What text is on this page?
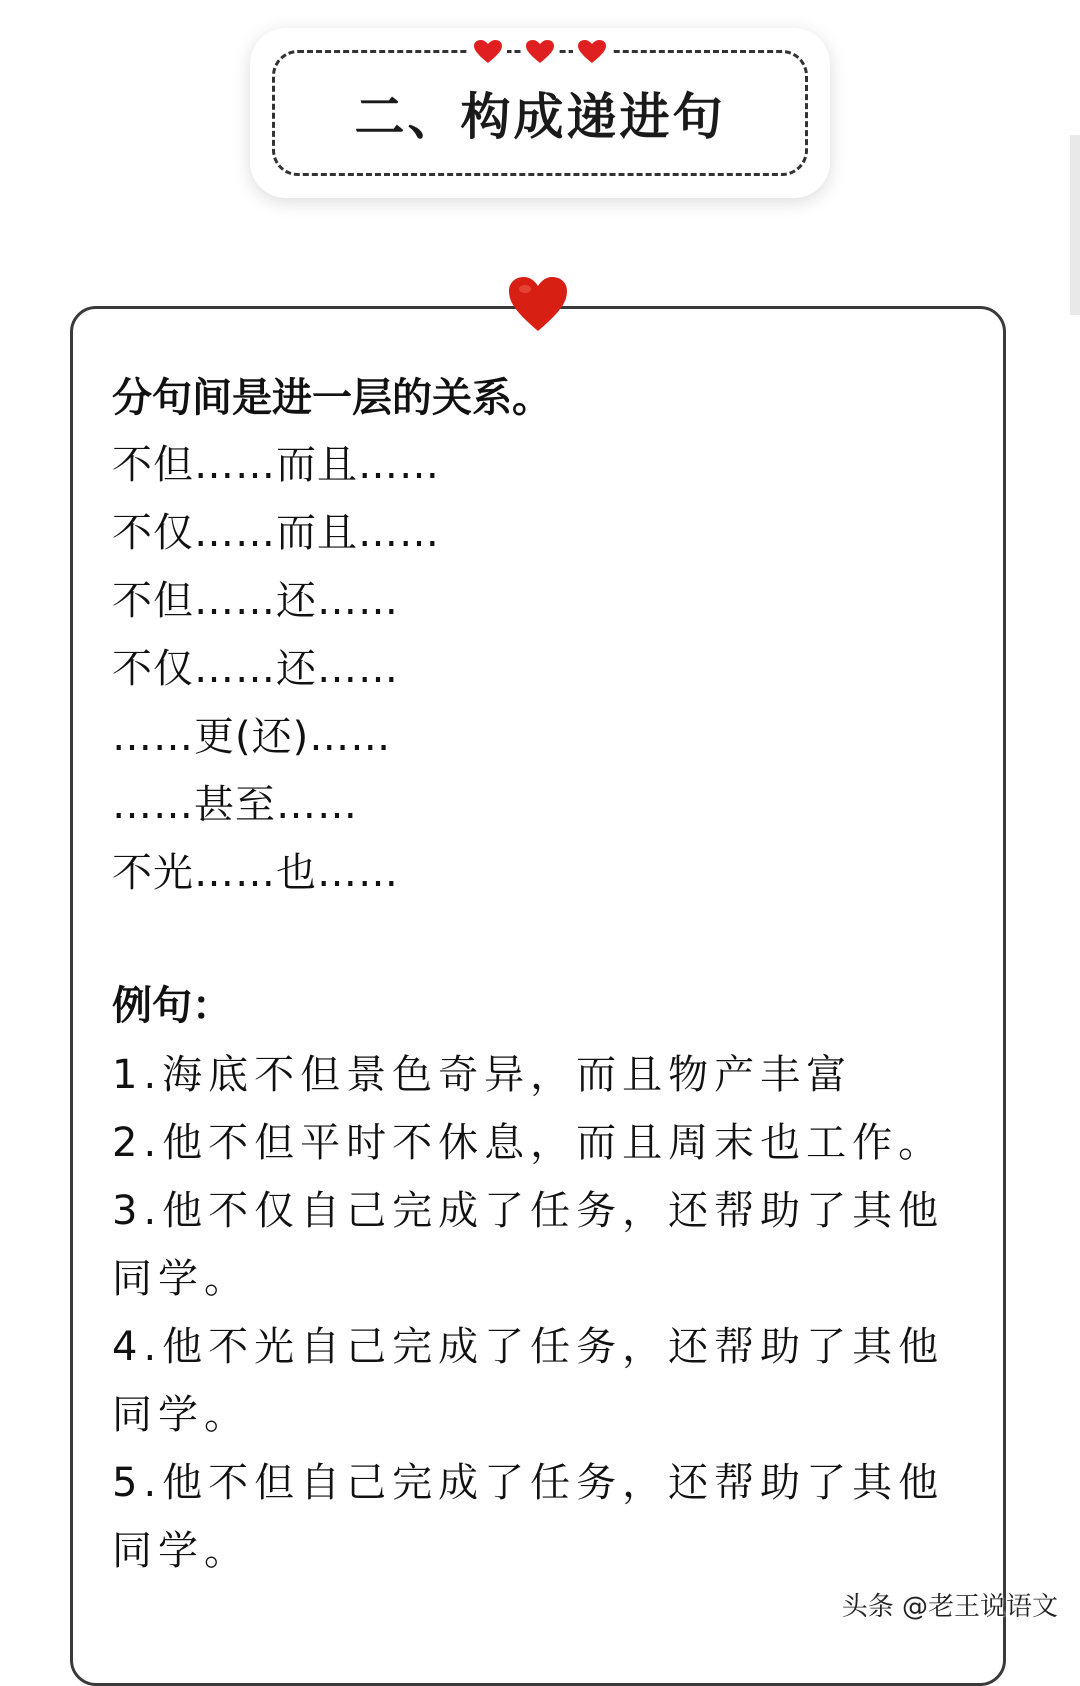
二、构成递进句
分句间是进一层的关系。
不但……而且……
不仅……而且……
不但……还……
不仅……还……
……更(还)……
……甚至……
不光……也……
例句：
1.海底不但景色奇异，而且物产丰富
2.他不但平时不休息，而且周末也工作。
3.他不仅自己完成了任务，还帮助了其他同学。
4.他不光自己完成了任务，还帮助了其他同学。
5.他不但自己完成了任务，还帮助了其他同学。
头条 @老王说语文
